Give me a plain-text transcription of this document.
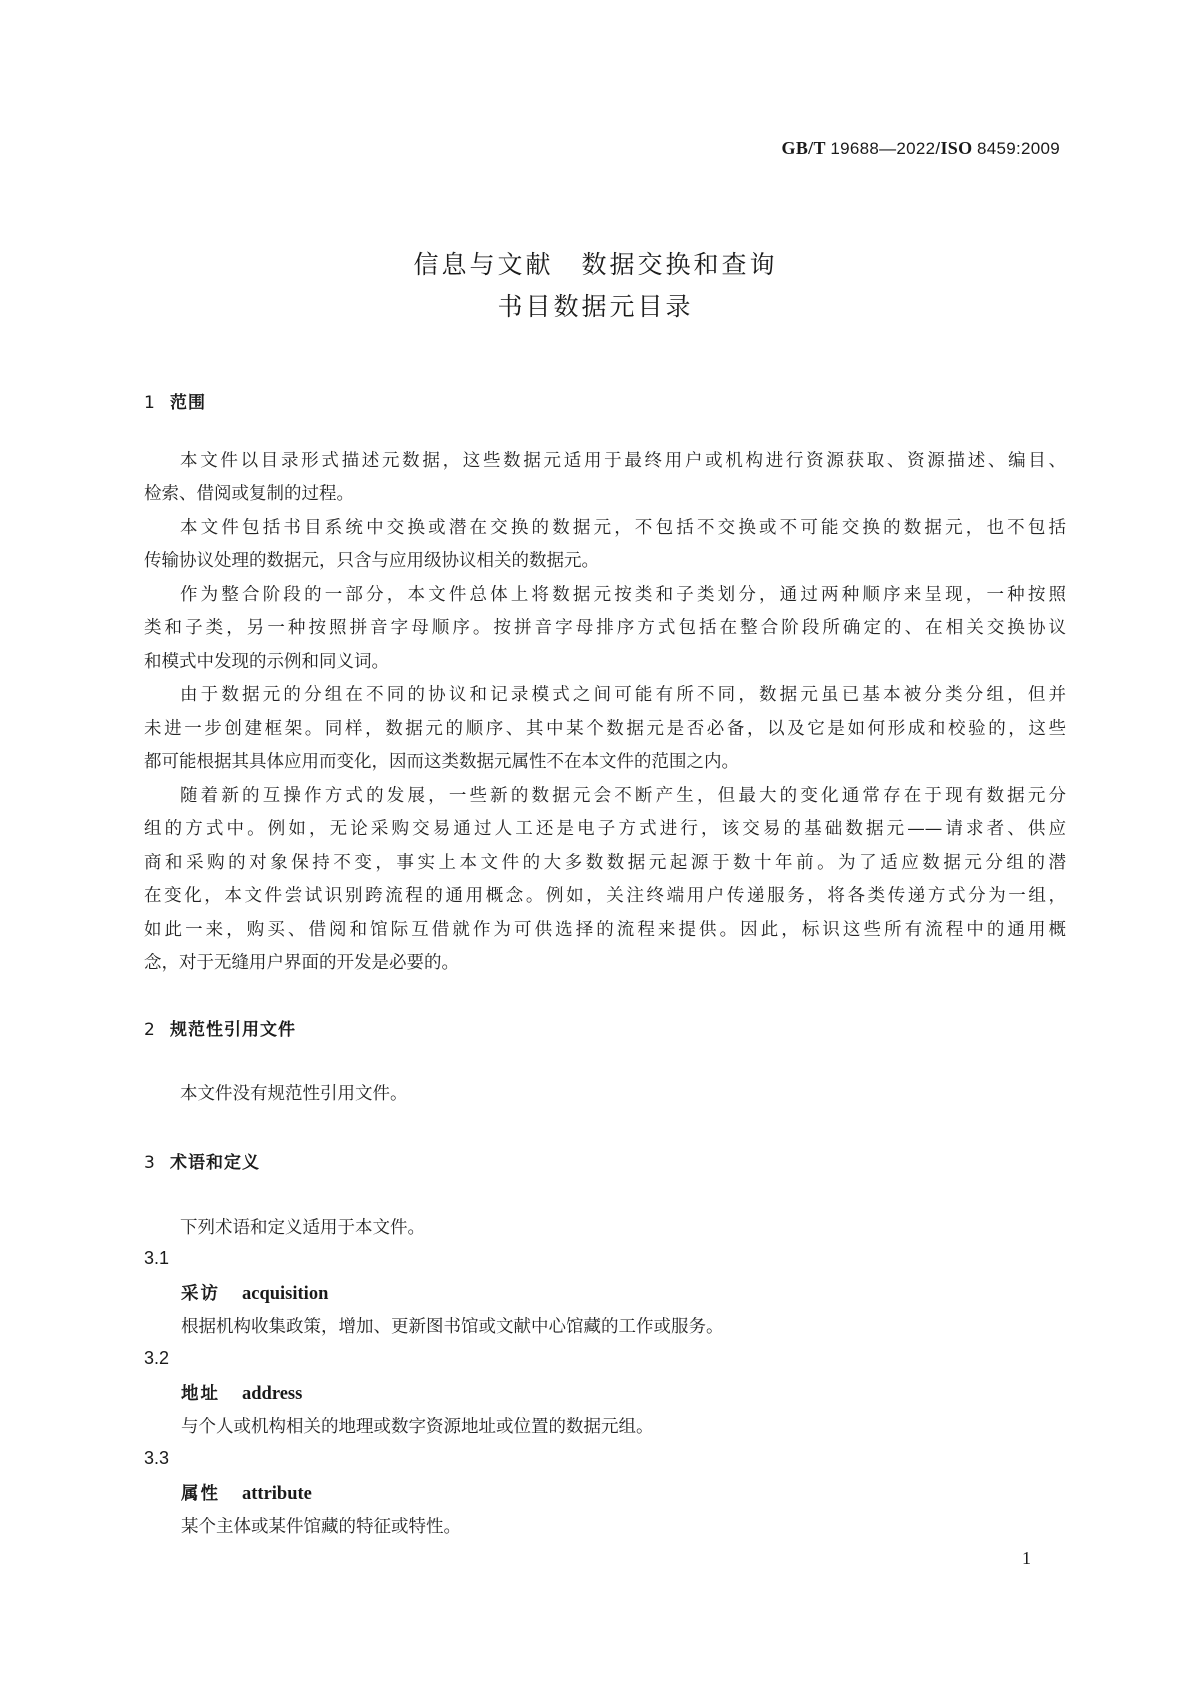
GB/T 19688—2022/ISO 8459:2009
信息与文献　数据交换和查询
书目数据元目录
1 范围
本文件以目录形式描述元数据，这些数据元适用于最终用户或机构进行资源获取、资源描述、编目、
检索、借阅或复制的过程。
本文件包括书目系统中交换或潜在交换的数据元，不包括不交换或不可能交换的数据元，也不包括
传输协议处理的数据元，只含与应用级协议相关的数据元。
作为整合阶段的一部分，本文件总体上将数据元按类和子类划分，通过两种顺序来呈现，一种按照
类和子类，另一种按照拼音字母顺序。按拼音字母排序方式包括在整合阶段所确定的、在相关交换协议
和模式中发现的示例和同义词。
由于数据元的分组在不同的协议和记录模式之间可能有所不同，数据元虽已基本被分类分组，但并
未进一步创建框架。同样，数据元的顺序、其中某个数据元是否必备，以及它是如何形成和校验的，这些
都可能根据其具体应用而变化，因而这类数据元属性不在本文件的范围之内。
随着新的互操作方式的发展，一些新的数据元会不断产生，但最大的变化通常存在于现有数据元分
组的方式中。例如，无论采购交易通过人工还是电子方式进行，该交易的基础数据元——请求者、供应
商和采购的对象保持不变，事实上本文件的大多数数据元起源于数十年前。为了适应数据元分组的潜
在变化，本文件尝试识别跨流程的通用概念。例如，关注终端用户传递服务，将各类传递方式分为一组，
如此一来，购买、借阅和馆际互借就作为可供选择的流程来提供。因此，标识这些所有流程中的通用概
念，对于无缝用户界面的开发是必要的。
2 规范性引用文件
本文件没有规范性引用文件。
3 术语和定义
下列术语和定义适用于本文件。
3.1
采访 acquisition
根据机构收集政策，增加、更新图书馆或文献中心馆藏的工作或服务。
3.2
地址 address
与个人或机构相关的地理或数字资源地址或位置的数据元组。
3.3
属性 attribute
某个主体或某件馆藏的特征或特性。
1
